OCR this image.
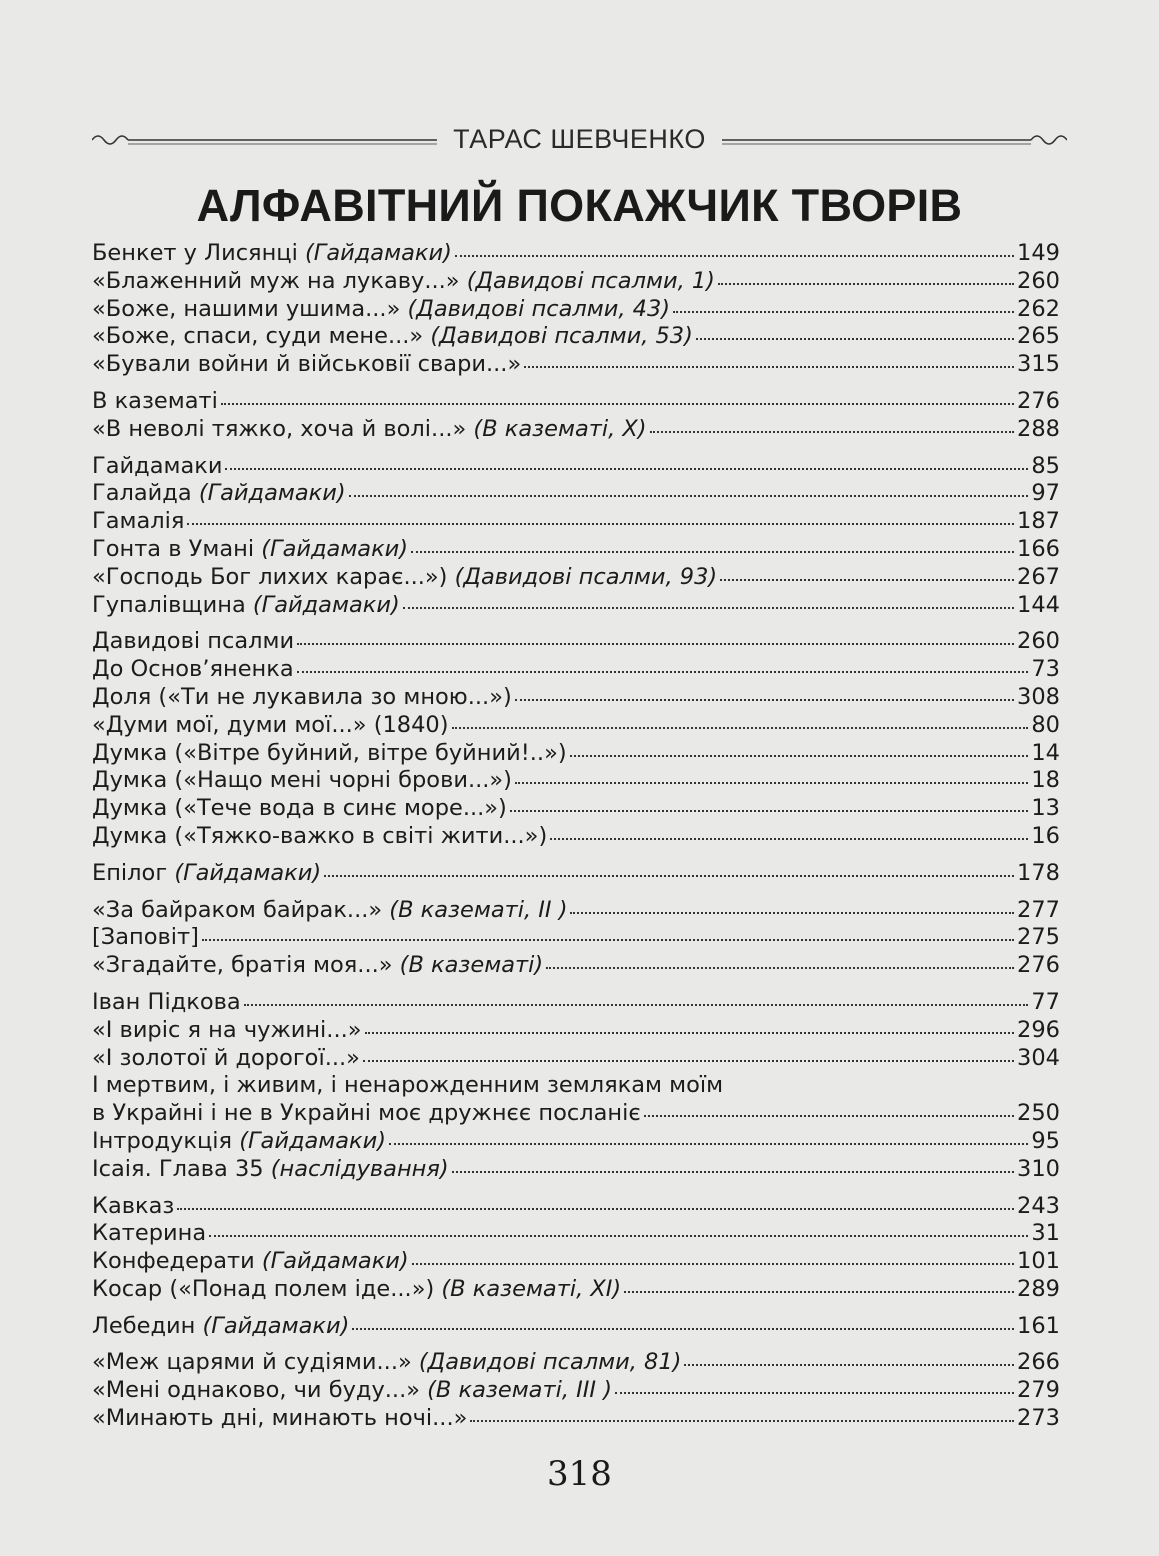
ТАРАС ШЕВЧЕНКО
АЛФАВІТНИЙ ПОКАЖЧИК ТВОРІВ
Бенкет у Лисянці (Гайдамаки)	149
«Блаженний муж на лукаву...» (Давидові псалми, 1)	260
«Боже, нашими ушима...» (Давидові псалми, 43)	262
«Боже, спаси, суди мене...» (Давидові псалми, 53)	265
«Бували войни й військовії свари...»	315
В казематі	276
«В неволі тяжко, хоча й волі...» (В казематі, X)	288
Гайдамаки	85
Галайда (Гайдамаки)	97
Гамалія	187
Гонта в Умані (Гайдамаки)	166
«Господь Бог лихих карає...») (Давидові псалми, 93)	267
Гупалівщина (Гайдамаки)	144
Давидові псалми	260
До Основ’яненка	73
Доля («Ти не лукавила зо мною...»)	308
«Думи мої, думи мої...» (1840)	80
Думка («Вітре буйний, вітре буйний!..»)	14
Думка («Нащо мені чорні брови...»)	18
Думка («Тече вода в синє море...»)	13
Думка («Тяжко-важко в світі жити...»)	16
Епілог (Гайдамаки)	178
«За байраком байрак...» (В казематі, II )	277
[Заповіт]	275
«Згадайте, братія моя...» (В казематі)	276
Іван Підкова	77
«І виріс я на чужині...»	296
«І золотої й дорогої...»	304
І мертвим, і живим, і ненарожденним землякам моїм
в Украйні і не в Украйні моє дружнєє посланіє	250
Інтродукція (Гайдамаки)	95
Ісаія. Глава 35 (наслідування)	310
Кавказ	243
Катерина	31
Конфедерати (Гайдамаки)	101
Косар («Понад полем іде...») (В казематі, XI)	289
Лебедин (Гайдамаки)	161
«Меж царями й судіями...» (Давидові псалми, 81)	266
«Мені однаково, чи буду...» (В казематі, III )	279
«Минають дні, минають ночі...»	273
318
